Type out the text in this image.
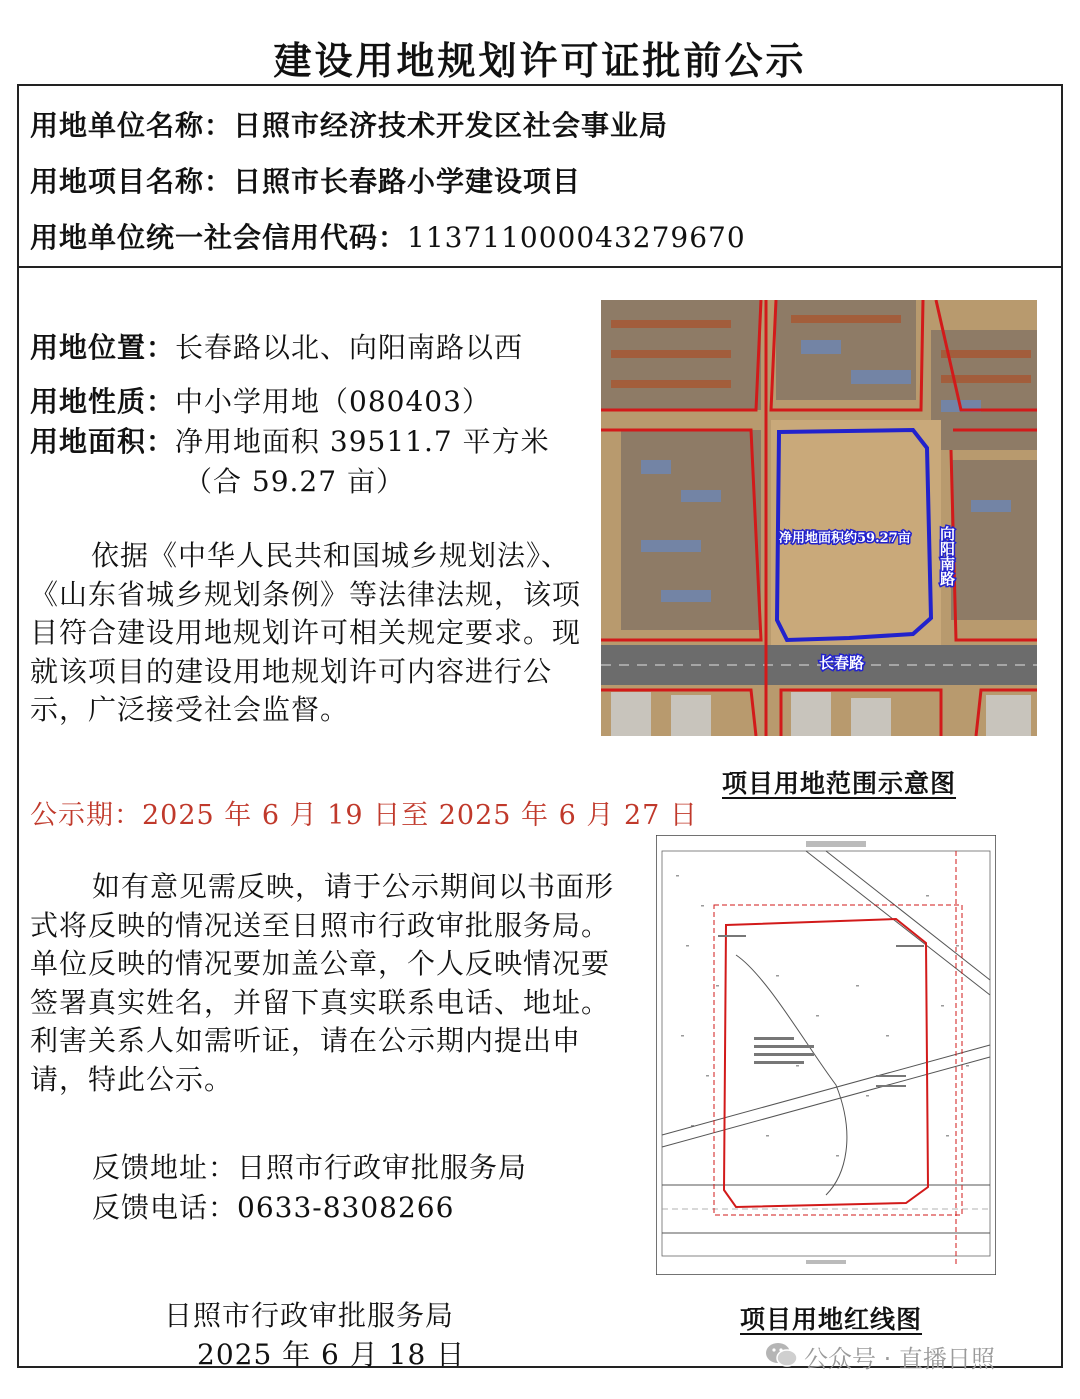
建设用地规划许可证批前公示
用地单位名称：日照市经济技术开发区社会事业局
用地项目名称：日照市长春路小学建设项目
用地单位统一社会信用代码：113711000043279670
用地位置：长春路以北、向阳南路以西
用地性质：中小学用地（080403）
用地面积：净用地面积 39511.7 平方米
（合 59.27 亩）
依据《中华人民共和国城乡规划法》、《山东省城乡规划条例》等法律法规，该项目符合建设用地规划许可相关规定要求。现就该项目的建设用地规划许可内容进行公示，广泛接受社会监督。
公示期：2025 年 6 月 19 日至 2025 年 6 月 27 日
如有意见需反映，请于公示期间以书面形式将反映的情况送至日照市行政审批服务局。单位反映的情况要加盖公章，个人反映情况要签署真实姓名，并留下真实联系电话、地址。利害关系人如需听证，请在公示期内提出申请，特此公示。
反馈地址：日照市行政审批服务局
反馈电话：0633-8308266
日照市行政审批服务局
2025 年 6 月 18 日
净用地面积约59.27亩
长春路
向阳南路
项目用地范围示意图
项目用地红线图
公众号 · 直播日照
